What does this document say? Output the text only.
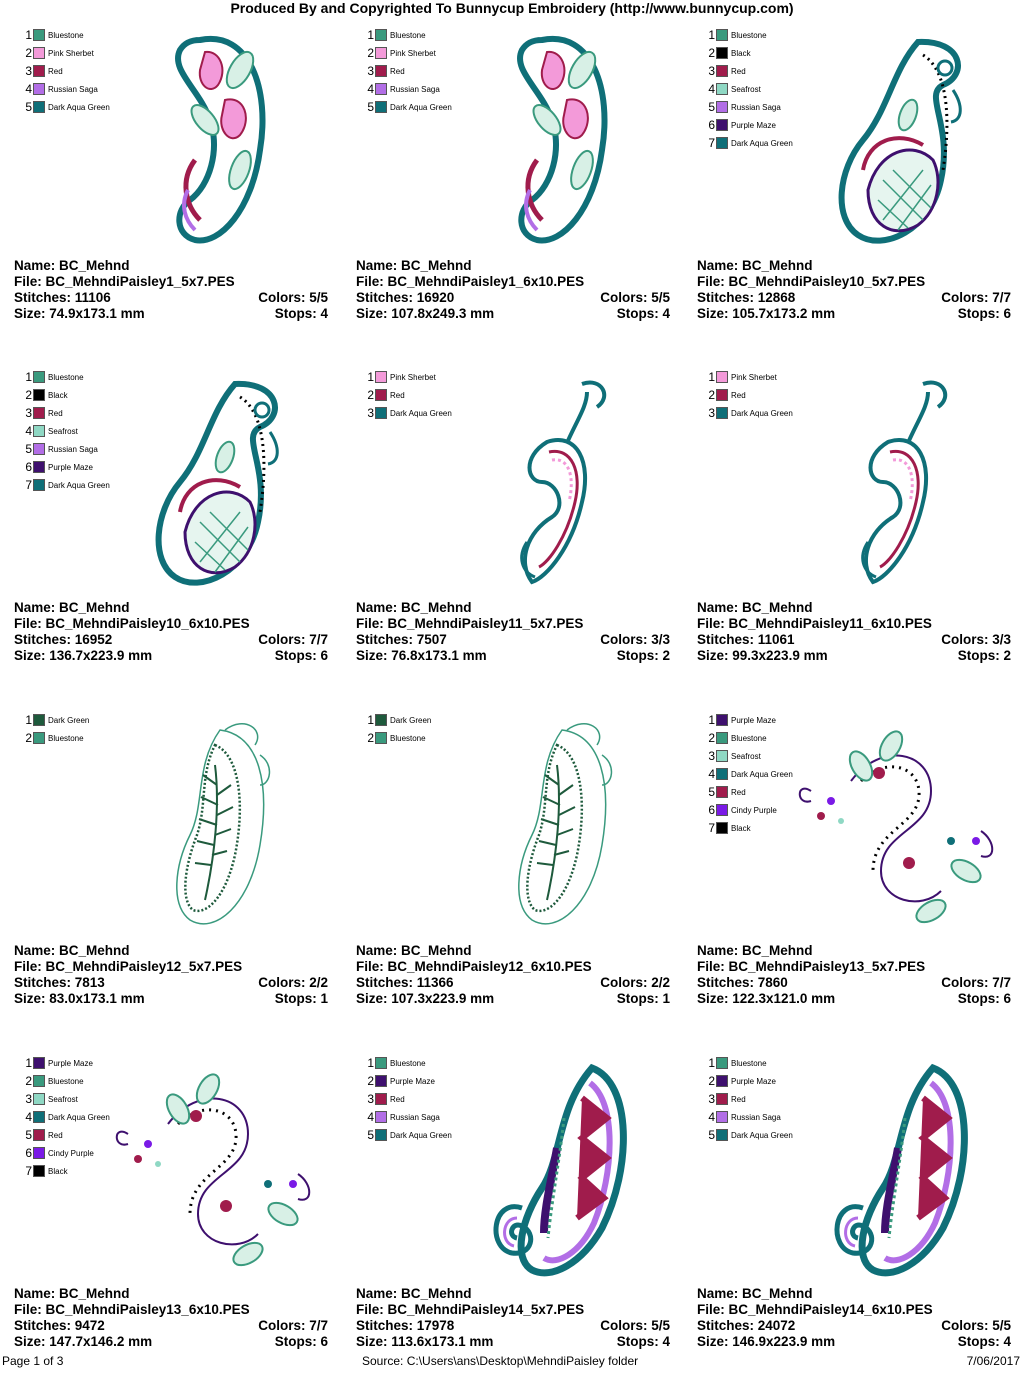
Produced By and Copyrighted To Bunnycup Embroidery (http://www.bunnycup.com)
1 Bluestone
2 Pink Sherbet
3 Red
4 Russian Saga
5 Dark Aqua Green
Name: BC_Mehnd
File: BC_MehndiPaisley1_5x7.PES
Stitches: 11106	Colors: 5/5
Size: 74.9x173.1 mm	Stops: 4
1 Bluestone
2 Pink Sherbet
3 Red
4 Russian Saga
5 Dark Aqua Green
Name: BC_Mehnd
File: BC_MehndiPaisley1_6x10.PES
Stitches: 16920	Colors: 5/5
Size: 107.8x249.3 mm	Stops: 4
1 Bluestone
2 Black
3 Red
4 Seafrost
5 Russian Saga
6 Purple Maze
7 Dark Aqua Green
Name: BC_Mehnd
File: BC_MehndiPaisley10_5x7.PES
Stitches: 12868	Colors: 7/7
Size: 105.7x173.2 mm	Stops: 6
1 Bluestone
2 Black
3 Red
4 Seafrost
5 Russian Saga
6 Purple Maze
7 Dark Aqua Green
Name: BC_Mehnd
File: BC_MehndiPaisley10_6x10.PES
Stitches: 16952	Colors: 7/7
Size: 136.7x223.9 mm	Stops: 6
1 Pink Sherbet
2 Red
3 Dark Aqua Green
Name: BC_Mehnd
File: BC_MehndiPaisley11_5x7.PES
Stitches: 7507	Colors: 3/3
Size: 76.8x173.1 mm	Stops: 2
1 Pink Sherbet
2 Red
3 Dark Aqua Green
Name: BC_Mehnd
File: BC_MehndiPaisley11_6x10.PES
Stitches: 11061	Colors: 3/3
Size: 99.3x223.9 mm	Stops: 2
1 Dark Green
2 Bluestone
Name: BC_Mehnd
File: BC_MehndiPaisley12_5x7.PES
Stitches: 7813	Colors: 2/2
Size: 83.0x173.1 mm	Stops: 1
1 Dark Green
2 Bluestone
Name: BC_Mehnd
File: BC_MehndiPaisley12_6x10.PES
Stitches: 11366	Colors: 2/2
Size: 107.3x223.9 mm	Stops: 1
1 Purple Maze
2 Bluestone
3 Seafrost
4 Dark Aqua Green
5 Red
6 Cindy Purple
7 Black
Name: BC_Mehnd
File: BC_MehndiPaisley13_5x7.PES
Stitches: 7860	Colors: 7/7
Size: 122.3x121.0 mm	Stops: 6
1 Purple Maze
2 Bluestone
3 Seafrost
4 Dark Aqua Green
5 Red
6 Cindy Purple
7 Black
Name: BC_Mehnd
File: BC_MehndiPaisley13_6x10.PES
Stitches: 9472	Colors: 7/7
Size: 147.7x146.2 mm	Stops: 6
1 Bluestone
2 Purple Maze
3 Red
4 Russian Saga
5 Dark Aqua Green
Name: BC_Mehnd
File: BC_MehndiPaisley14_5x7.PES
Stitches: 17978	Colors: 5/5
Size: 113.6x173.1 mm	Stops: 4
1 Bluestone
2 Purple Maze
3 Red
4 Russian Saga
5 Dark Aqua Green
Name: BC_Mehnd
File: BC_MehndiPaisley14_6x10.PES
Stitches: 24072	Colors: 5/5
Size: 146.9x223.9 mm	Stops: 4
Page 1 of 3	Source: C:\Users\ans\Desktop\MehndiPaisley folder	7/06/2017
